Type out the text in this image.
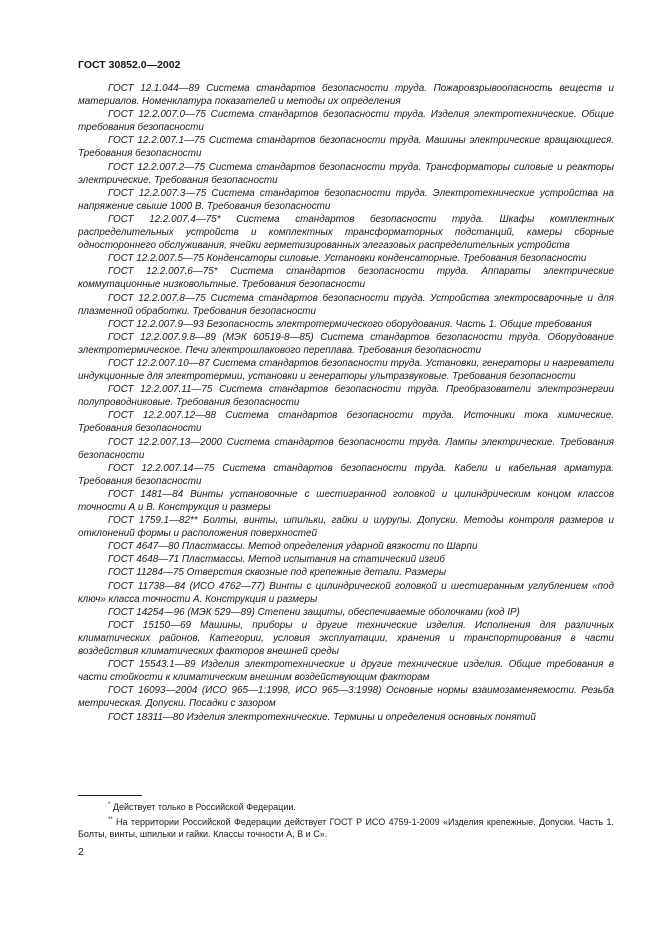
ГОСТ 30852.0—2002

ГОСТ 12.1.044—89 Система стандартов безопасности труда. Пожаровзрывоопасность веществ и материалов. Номенклатура показателей и методы их определения

ГОСТ 12.2.007.0—75 Система стандартов безопасности труда. Изделия электротехнические. Общие требования безопасности

ГОСТ 12.2.007.1—75 Система стандартов безопасности труда. Машины электрические вращающиеся. Требования безопасности

ГОСТ 12.2.007.2—75 Система стандартов безопасности труда. Трансформаторы силовые и реакторы электрические. Требования безопасности

ГОСТ 12.2.007.3—75 Система стандартов безопасности труда. Электротехнические устройства на напряжение свыше 1000 В. Требования безопасности

ГОСТ 12.2.007.4—75* Система стандартов безопасности труда. Шкафы комплектных распределительных устройств и комплектных трансформаторных подстанций, камеры сборные одностороннего обслуживания, ячейки герметизированных элегазовых распределительных устройств

ГОСТ 12.2.007.5—75 Конденсаторы силовые. Установки конденсаторные. Требования безопасности

ГОСТ 12.2.007.6—75* Система стандартов безопасности труда. Аппараты электрические коммутационные низковольтные. Требования безопасности

ГОСТ 12.2.007.8—75 Система стандартов безопасности труда. Устройства электросварочные и для плазменной обработки. Требования безопасности

ГОСТ 12.2.007.9—93 Безопасность электротермического оборудования. Часть 1. Общие требования

ГОСТ 12.2.007.9.8—89 (МЭК 60519-8—85) Система стандартов безопасности труда. Оборудование электротермическое. Печи электрошлакового переплава. Требования безопасности

ГОСТ 12.2.007.10—87 Система стандартов безопасности труда. Установки, генераторы и нагреватели индукционные для электротермии, установки и генераторы ультразвуковые. Требования безопасности

ГОСТ 12.2.007.11—75 Система стандартов безопасности труда. Преобразователи электроэнергии полупроводниковые. Требования безопасности

ГОСТ 12.2.007.12—88 Система стандартов безопасности труда. Источники тока химические. Требования безопасности

ГОСТ 12.2.007.13—2000 Система стандартов безопасности труда. Лампы электрические. Требования безопасности

ГОСТ 12.2.007.14—75 Система стандартов безопасности труда. Кабели и кабельная арматура. Требования безопасности

ГОСТ 1481—84 Винты установочные с шестигранной головкой и цилиндрическим концом классов точности А и В. Конструкция и размеры

ГОСТ 1759.1—82** Болты, винты, шпильки, гайки и шурупы. Допуски. Методы контроля размеров и отклонений формы и расположения поверхностей

ГОСТ 4647—80 Пластмассы. Метод определения ударной вязкости по Шарпи

ГОСТ 4648—71 Пластмассы. Метод испытания на статический изгиб

ГОСТ 11284—75 Отверстия сквозные под крепежные детали. Размеры

ГОСТ 11738—84 (ИСО 4762—77) Винты с цилиндрической головкой и шестигранным углублением «под ключ» класса точности А. Конструкция и размеры

ГОСТ 14254—96 (МЭК 529—89) Степени защиты, обеспечиваемые оболочками (код IP)

ГОСТ 15150—69 Машины, приборы и другие технические изделия. Исполнения для различных климатических районов. Категории, условия эксплуатации, хранения и транспортирования в части воздействия климатических факторов внешней среды

ГОСТ 15543.1—89 Изделия электротехнические и другие технические изделия. Общие требования в части стойкости к климатическим внешним воздействующим факторам

ГОСТ 16093—2004 (ИСО 965—1:1998, ИСО 965—3:1998) Основные нормы взаимозаменяемости. Резьба метрическая. Допуски. Посадки с зазором

ГОСТ 18311—80 Изделия электротехнические. Термины и определения основных понятий

* Действует только в Российской Федерации.

** На территории Российской Федерации действует ГОСТ Р ИСО 4759-1-2009 «Изделия крепежные. Допуски. Часть 1. Болты, винты, шпильки и гайки. Классы точности А, В и С».

2
